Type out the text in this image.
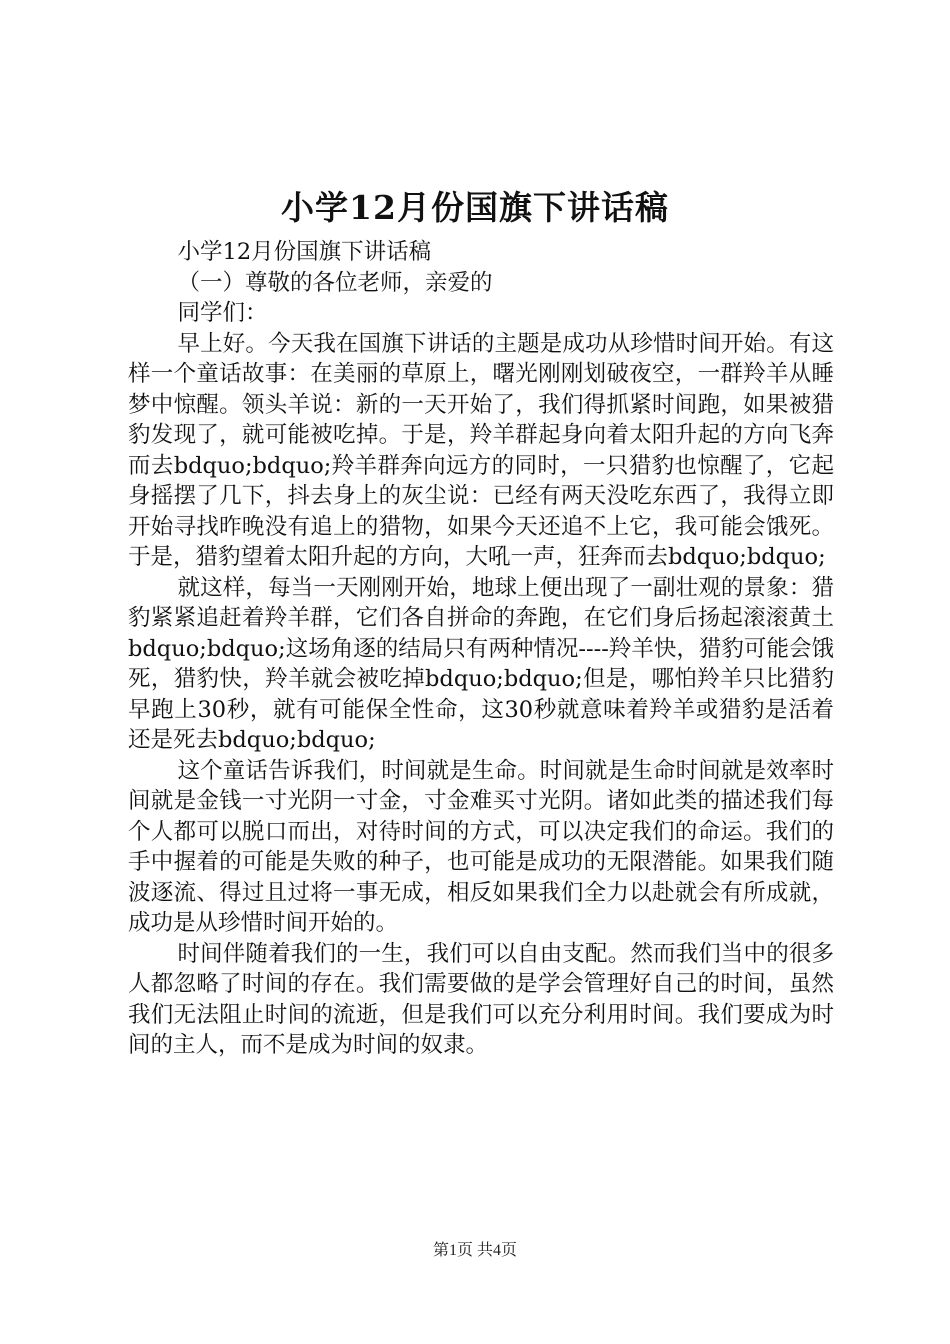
小学12月份国旗下讲话稿

小学12月份国旗下讲话稿

（一）尊敬的各位老师，亲爱的

同学们：

早上好。今天我在国旗下讲话的主题是成功从珍惜时间开始。有这样一个童话故事：在美丽的草原上，曙光刚刚划破夜空，一群羚羊从睡梦中惊醒。领头羊说：新的一天开始了，我们得抓紧时间跑，如果被猎豹发现了，就可能被吃掉。于是，羚羊群起身向着太阳升起的方向飞奔而去bdquo;bdquo;羚羊群奔向远方的同时，一只猎豹也惊醒了，它起身摇摆了几下，抖去身上的灰尘说：已经有两天没吃东西了，我得立即开始寻找昨晚没有追上的猎物，如果今天还追不上它，我可能会饿死。于是，猎豹望着太阳升起的方向，大吼一声，狂奔而去bdquo;bdquo;

就这样，每当一天刚刚开始，地球上便出现了一副壮观的景象：猎豹紧紧追赶着羚羊群，它们各自拼命的奔跑，在它们身后扬起滚滚黄土bdquo;bdquo;这场角逐的结局只有两种情况----羚羊快，猎豹可能会饿死，猎豹快，羚羊就会被吃掉bdquo;bdquo;但是，哪怕羚羊只比猎豹早跑上30秒，就有可能保全性命，这30秒就意味着羚羊或猎豹是活着还是死去bdquo;bdquo;

这个童话告诉我们，时间就是生命。时间就是生命时间就是效率时间就是金钱一寸光阴一寸金，寸金难买寸光阴。诸如此类的描述我们每个人都可以脱口而出，对待时间的方式，可以决定我们的命运。我们的手中握着的可能是失败的种子，也可能是成功的无限潜能。如果我们随波逐流、得过且过将一事无成，相反如果我们全力以赴就会有所成就，成功是从珍惜时间开始的。

时间伴随着我们的一生，我们可以自由支配。然而我们当中的很多人都忽略了时间的存在。我们需要做的是学会管理好自己的时间，虽然我们无法阻止时间的流逝，但是我们可以充分利用时间。我们要成为时间的主人，而不是成为时间的奴隶。

第1页 共4页
